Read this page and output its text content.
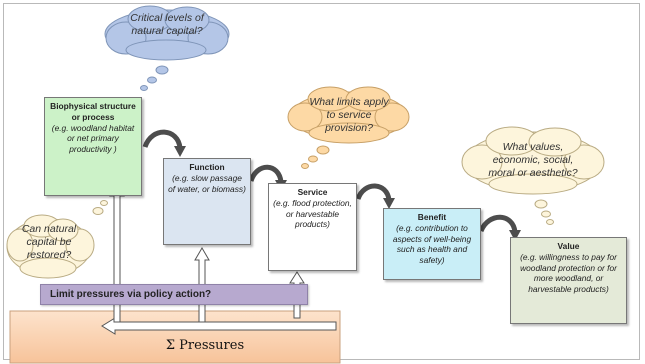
Critical levels of natural capital?
What limits apply to service provision?
Can natural capital be restored?
What values, economic, social, moral or aesthetic?
Biophysical structure or process
(e.g. woodland habitat or net primary productivity )
Function
(e.g. slow passage of water, or biomass)	Service
(e.g. flood protection, or harvestable products)
Benefit
(e.g. contribution to aspects of well-being such as health and safety)
Value
(e.g. willingness to pay for woodland protection or for more woodland, or harvestable products)
Limit pressures via policy action?
Σ Pressures
